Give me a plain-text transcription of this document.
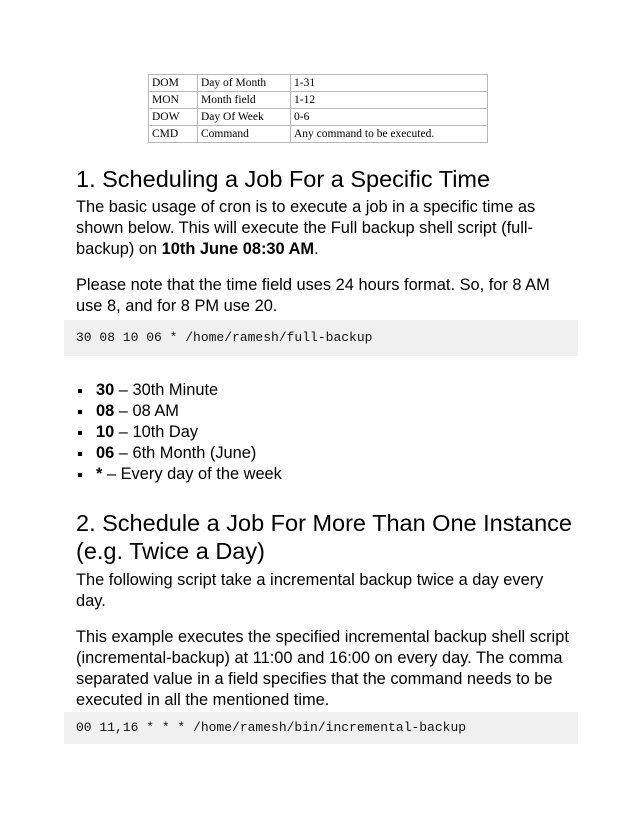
DOM	Day of Month	1-31
MON	Month field	1-12
DOW	Day Of Week	0-6
CMD	Command	Any command to be executed.
1. Scheduling a Job For a Specific Time

The basic usage of cron is to execute a job in a specific time as shown below. This will execute the Full backup shell script (full-backup) on 10th June 08:30 AM.

Please note that the time field uses 24 hours format. So, for 8 AM use 8, and for 8 PM use 20.

30 08 10 06 * /home/ramesh/full-backup
30 – 30th Minute
08 – 08 AM
10 – 10th Day
06 – 6th Month (June)
* – Every day of the week
2. Schedule a Job For More Than One Instance
(e.g. Twice a Day)

The following script take a incremental backup twice a day every day.

This example executes the specified incremental backup shell script (incremental-backup) at 11:00 and 16:00 on every day. The comma separated value in a field specifies that the command needs to be executed in all the mentioned time.

00 11,16 * * * /home/ramesh/bin/incremental-backup
